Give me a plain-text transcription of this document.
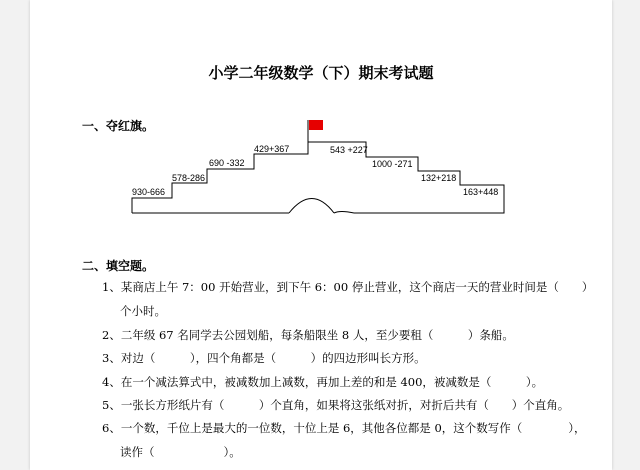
小学二年级数学（下）期末考试题
一、夺红旗。
930-666
578-286
690 -332
429+367	543 +227
1000 -271
132+218
163+448
二、填空题。
1、某商店上午 7：00 开始营业，到下午 6：00 停止营业，这个商店一天的营业时间是（　　）
个小时。
2、二年级 67 名同学去公园划船，每条船限坐 8 人，至少要租（　　　）条船。
3、对边（　　　），四个角都是（　　　）的四边形叫长方形。
4、在一个减法算式中，被减数加上减数，再加上差的和是 400，被减数是（　　　）。
5、一张长方形纸片有（　　　）个直角，如果将这张纸对折，对折后共有（　　）个直角。
6、一个数，千位上是最大的一位数，十位上是 6，其他各位都是 0，这个数写作（　　　　），
读作（　　　　　　）。
